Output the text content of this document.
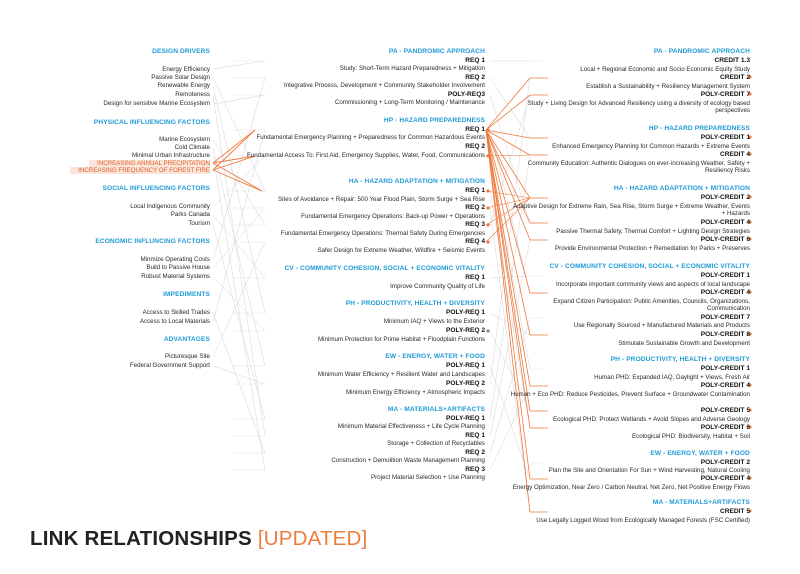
DESIGN DRIVERS
Energy Efficiency
Passive Solar Design
Renewable Energy
Remoteness
Design for sensitive Marine Ecosystem
PHYSICAL INFLUENCING FACTORS
Marine Ecosystem
Cold Climate
Minimal Urban Infrastructure
INCREASING ANNUAL PRECIPITATION
INCREASING FREQUENCY OF FOREST FIRE
SOCIAL INFLUENCING FACTORS
Local Indigenous Community
Parks Canada
Tourism
ECONOMIC INFLUNCING FACTORS
Minmize Operating Costs
Build to Passive House
Robust Material Systems
IMPEDIMENTS
Access to Skilled Trades
Access to Local Materials
ADVANTAGES
Picturesque Site
Federal Government Support
PA - PANDROMIC APPROACH
REQ 1
Study: Short-Term Hazard Preparedness + Mitigation
REQ 2
Integrative Process, Development + Community Stakeholder Involvement
POLY-REQ3
Commissioning + Long-Term Monitoring / Maintenance
HP - HAZARD PREPAREDNESS
REQ 1
Fundamental Emergency Planning + Preparedness for Common Hazardous Events
REQ 2
Fundamental Access To: First Aid, Emergency Supplies, Water, Food, Communications
HA - HAZARD ADAPTATION + MITIGATION
REQ 1
Sites of Avoidance + Repair: 500 Year Flood Plain, Storm Surge + Sea Rise
REQ 2
Fundamental Emergency Operations: Back-up Power + Operations
REQ 3
Fundamental Emergency Operations: Thermal Safety During Emergencies
REQ 4
Safer Design for Extreme Weather, Wildfire + Seismic Events
CV - COMMUNITY COHESION, SOCIAL + ECONOMIC VITALITY
REQ 1
Improve Community Quality of Life
PH - PRODUCTIVITY, HEALTH + DIVERSITY
POLY-REQ 1
Minimum IAQ + Views to the Exterior
POLY-REQ 2
Minimum Protection for Prime Habitat + Floodplain Functions
EW - ENERGY, WATER + FOOD
POLY-REQ 1
Minimum Water Efficiency + Resilient Water and Landscapes
POLY-REQ 2
Minimum Energy Efficiency + Atmospheric Impacts
MA - MATERIALS+ARTIFACTS
POLY-REQ 1
Minimum Material Effectiveness + Life Cycle Planning
REQ 1
Storage + Collection of Recyclables
REQ 2
Construction + Demolition Waste Management Planning
REQ 3
Project Material Selection + Use Planning
PA - PANDROMIC APPROACH
CREDIT 1.3
Local + Regional Economic and Socio Economic Equity Study
CREDIT 2
Establish a Sustainability + Resiliency Management System
POLY-CREDIT 7
Study + Living Design for Advanced Resiliency using a diversity of ecology based perspectives
HP - HAZARD PREPAREDNESS
POLY-CREDIT 1
Enhanced Emergency Planning for Common Hazards + Extreme Events
CREDIT 4
Community Education: Authentic Dialogues on ever-increasing Weather, Safety + Resiliency Risks
HA - HAZARD ADAPTATION + MITIGATION
POLY-CREDIT 2
Adaptive Design for Extreme Rain, Sea Rise, Storm Surge + Extreme Weather, Events + Hazards
POLY-CREDIT 4
Passive Thermal Safety, Thermal Comfort + Lighting Design Strategies
POLY-CREDIT 6
Provide Environmental Protection + Remediation for Parks + Preserves
CV - COMMUNITY COHESION, SOCIAL + ECONOMIC VITALITY
POLY-CREDIT 1
Incorporate important community views and aspects of local landscape
POLY-CREDIT 4
Expand Citizen Participation: Public Amenities, Councils, Organizations, Communication
POLY-CREDIT 7
Use Regionally Sourced + Manufactured Materials and Products
POLY-CREDIT 8
Stimulate Sustainable Growth and Development
PH - PRODUCTIVITY, HEALTH + DIVERSITY
POLY-CREDIT 1
Human PHD: Expanded IAQ, Daylight + Views, Fresh Air
POLY-CREDIT 4
Human + Eco PHD: Reduce Pesticides, Prevent Surface + Groundwater Contamination
POLY-CREDIT 5
Ecological PHD: Protect Wetlands + Avoid Slopes and Adverse Geology
POLY-CREDIT 6
Ecological PHD: Biodiversity, Habitat + Soil
EW - ENERGY, WATER + FOOD
POLY-CREDIT 2
Plan the Site and Orientation For Sun + Wind Harvesting, Natural Cooling
POLY-CREDIT 4
Energy Optimization, Near Zero / Carbon Neutral, Net Zero, Net Positive Energy Flows
MA - MATERIALS+ARTIFACTS
CREDIT 5
Use Legally Logged Wood from Ecologically Managed Forests (FSC Certified)
LINK RELATIONSHIPS [UPDATED]
